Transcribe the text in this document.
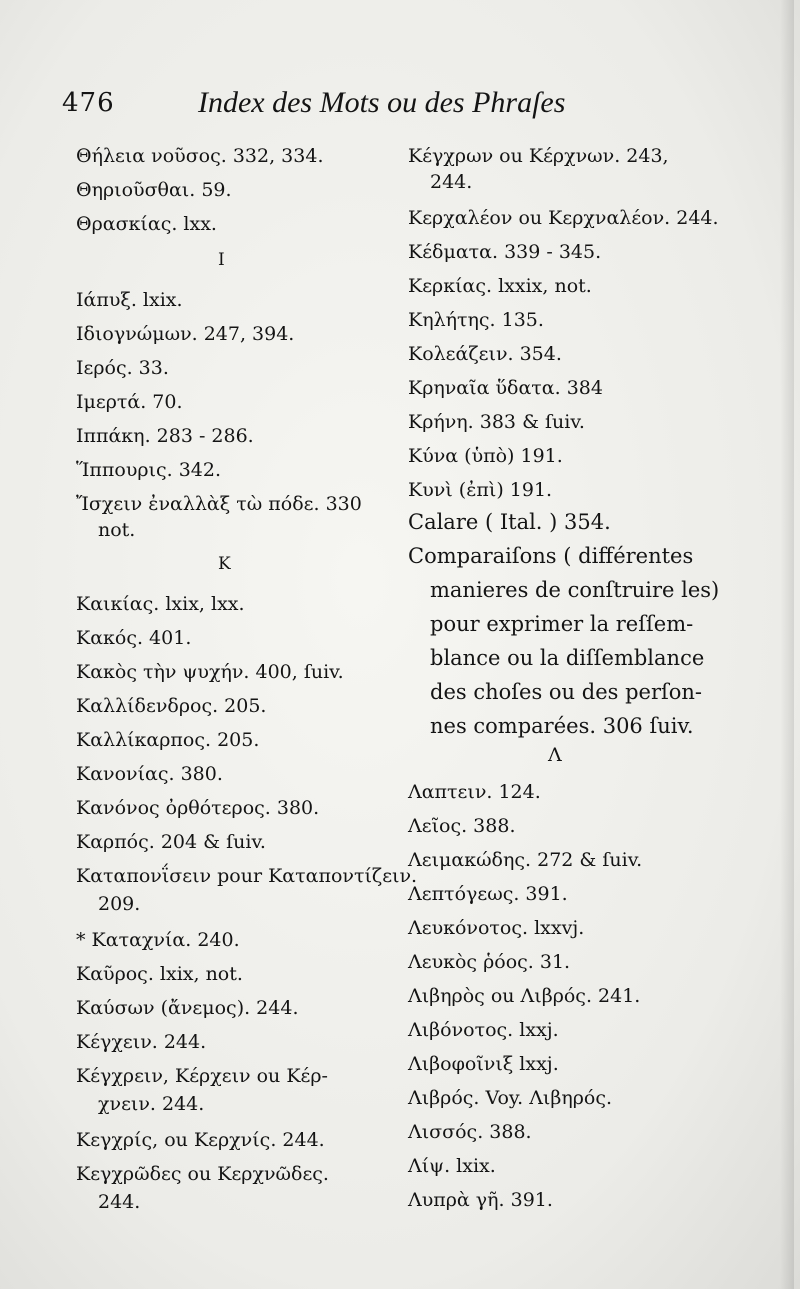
476	Index des Mots ou des Phraſes
Θήλεια νοῦσος. 332, 334.
Θηριοῦσθαι. 59.
Θρασκίας. lxx.
I
Ιάπυξ. lxix.
Ιδιογνώμων. 247, 394.
Ιερός. 33.
Ιμερτά. 70.
Ιππάκη. 283 - 286.
Ἵππουρις. 342.
Ἴσχειν ἐναλλὰξ τὼ πόδε. 330
not.
K
Καικίας. lxix, lxx.
Κακός. 401.
Κακὸς τὴν ψυχήν. 400, ſuiv.
Καλλίδενδρος. 205.
Καλλίκαρπος. 205.
Κανονίας. 380.
Κανόνος ὀρθότερος. 380.
Καρπός. 204 & ſuiv.
Καταπονΐσειν pour Καταποντίζειν.
209.
* Καταχνία. 240.
Καῦρος. lxix, not.
Καύσων (ἄνεμος). 244.
Κέγχειν. 244.
Κέγχρειν, Κέρχειν ou Κέρ-
χνειν. 244.
Κεγχρίς, ou Κερχνίς. 244.
Κεγχρῶδες ou Κερχνῶδες.
244.
Κέγχρων ou Κέρχνων. 243,
244.
Κερχαλέον ou Κερχναλέον. 244.
Κέδματα. 339 - 345.
Κερκίας. lxxix, not.
Κηλήτης. 135.
Κολεάζειν. 354.
Κρηναῖα ὕδατα. 384
Κρήνη. 383 & ſuiv.
Κύνα (ὑπὸ) 191.
Κυνὶ (ἐπὶ) 191.
Calare ( Ital. ) 354.
Comparaiſons ( différentes
manieres de conſtruire les)
pour exprimer la reſſem-
blance ou la diſſemblance
des choſes ou des perſon-
nes comparées. 306 ſuiv.
Λ
Λαπτειν. 124.
Λεῖος. 388.
Λειμακώδης. 272 & ſuiv.
Λεπτόγεως. 391.
Λευκόνοτος. lxxvj.
Λευκὸς ῥόος. 31.
Λιβηρὸς ou Λιβρός. 241.
Λιβόνοτος. lxxj.
Λιβοφοῖνιξ lxxj.
Λιβρός. Voy. Λιβηρός.
Λισσός. 388.
Λίψ. lxix.
Λυπρὰ γῆ. 391.
